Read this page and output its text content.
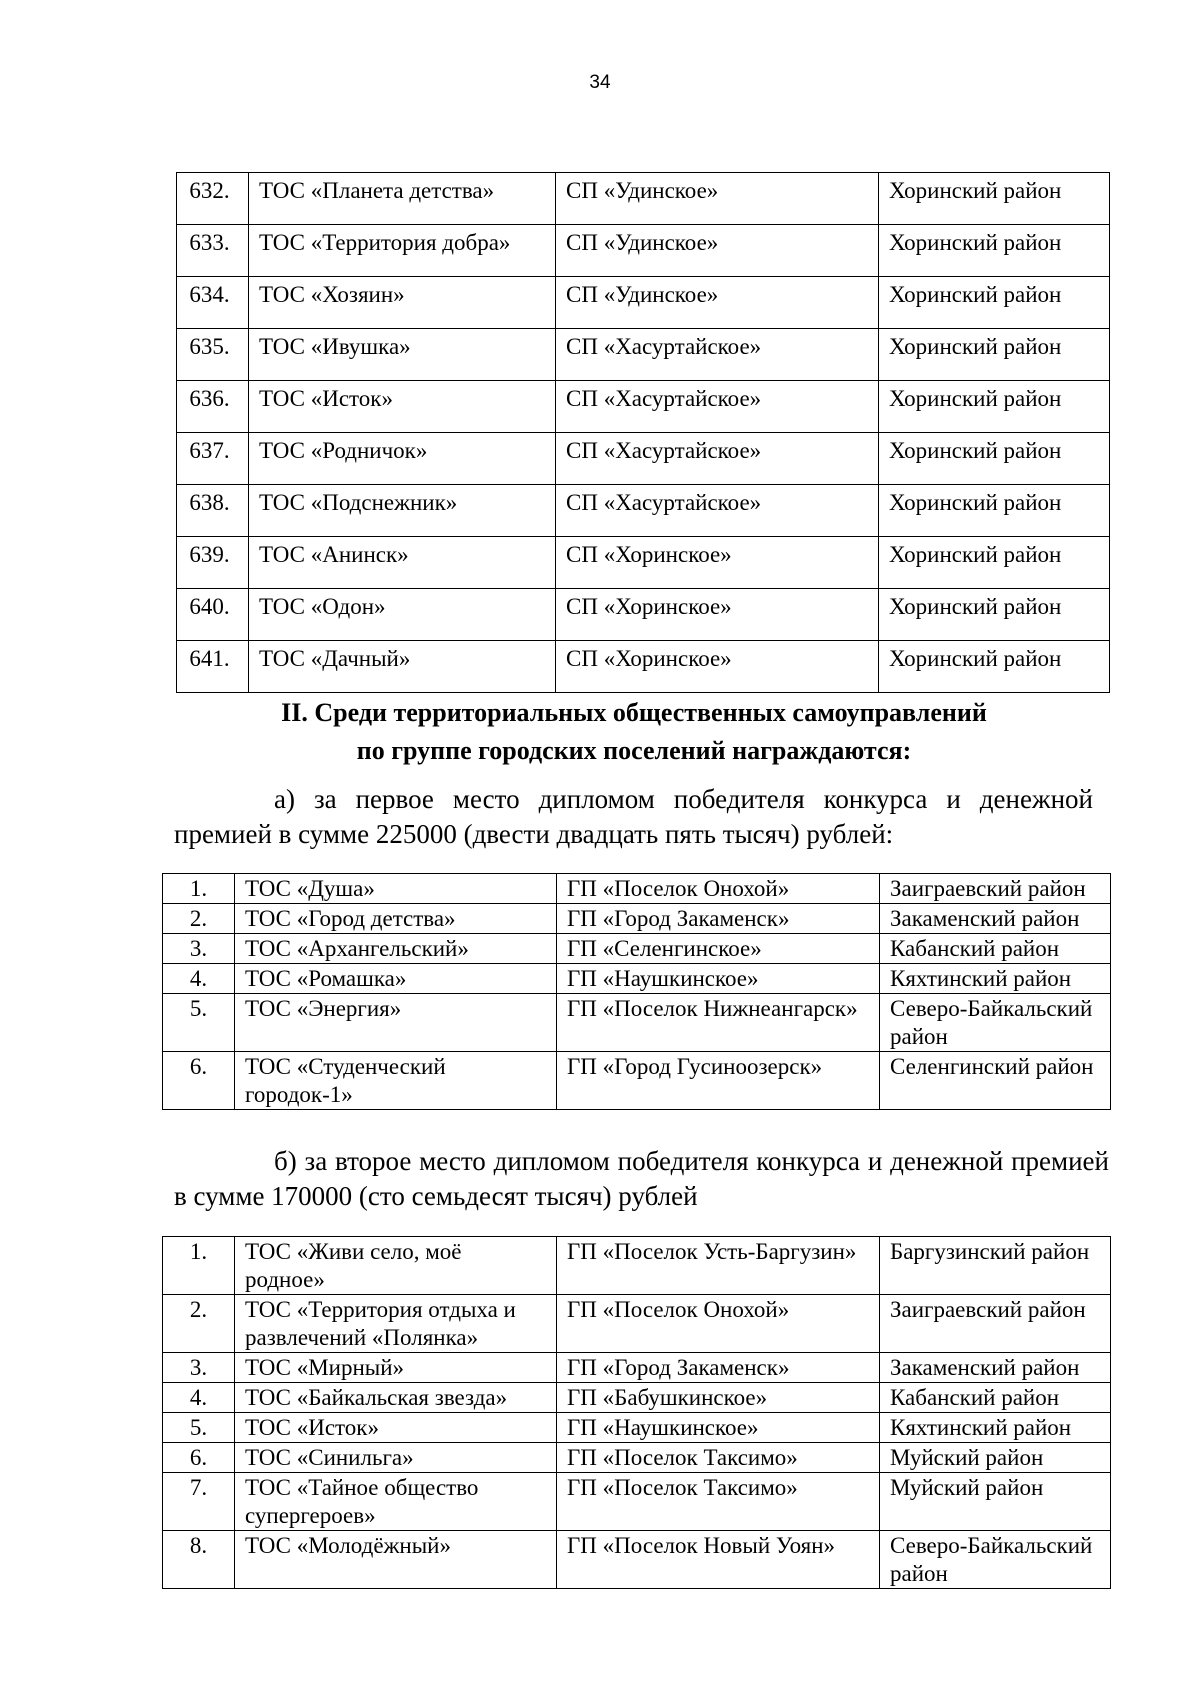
34
632.	ТОС «Планета детства»	СП «Удинское»	Хоринский район
633.	ТОС «Территория добра»	СП «Удинское»	Хоринский район
634.	ТОС «Хозяин»	СП «Удинское»	Хоринский район
635.	ТОС «Ивушка»	СП «Хасуртайское»	Хоринский район
636.	ТОС «Исток»	СП «Хасуртайское»	Хоринский район
637.	ТОС «Родничок»	СП «Хасуртайское»	Хоринский район
638.	ТОС «Подснежник»	СП «Хасуртайское»	Хоринский район
639.	ТОС «Анинск»	СП «Хоринское»	Хоринский район
640.	ТОС «Одон»	СП «Хоринское»	Хоринский район
641.	ТОС «Дачный»	СП «Хоринское»	Хоринский район
II. Среди территориальных общественных самоуправлений
по группе городских поселений награждаются:
а) за первое место дипломом победителя конкурса и денежной премией в сумме 225000 (двести двадцать пять тысяч) рублей:
1.	ТОС «Душа»	ГП «Поселок Онохой»	Заиграевский район
2.	ТОС «Город детства»	ГП «Город Закаменск»	Закаменский район
3.	ТОС «Архангельский»	ГП «Селенгинское»	Кабанский район
4.	ТОС «Ромашка»	ГП «Наушкинское»	Кяхтинский район
5.	ТОС «Энергия»	ГП «Поселок Нижнеангарск»	Северо-Байкальский район
6.	ТОС «Студенческий городок-1»	ГП «Город Гусиноозерск»	Селенгинский район
б) за второе место дипломом победителя конкурса и денежной премией в сумме 170000 (сто семьдесят тысяч) рублей
1.	ТОС «Живи село, моё родное»	ГП «Поселок Усть-Баргузин»	Баргузинский район
2.	ТОС «Территория отдыха и развлечений «Полянка»	ГП «Поселок Онохой»	Заиграевский район
3.	ТОС «Мирный»	ГП «Город Закаменск»	Закаменский район
4.	ТОС «Байкальская звезда»	ГП «Бабушкинское»	Кабанский район
5.	ТОС «Исток»	ГП «Наушкинское»	Кяхтинский район
6.	ТОС «Синильга»	ГП «Поселок Таксимо»	Муйский район
7.	ТОС «Тайное общество супергероев»	ГП «Поселок Таксимо»	Муйский район
8.	ТОС «Молодёжный»	ГП «Поселок Новый Уоян»	Северо-Байкальский район
